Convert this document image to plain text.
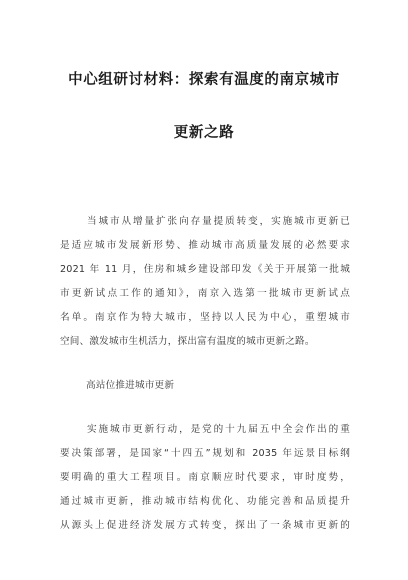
中心组研讨材料：探索有温度的南京城市
更新之路
当城市从增量扩张向存量提质转变，实施城市更新已
是适应城市发展新形势、推动城市高质量发展的必然要求
2021 年 11 月，住房和城乡建设部印发《关于开展第一批城
市更新试点工作的通知》，南京入选第一批城市更新试点
名单。南京作为特大城市，坚持以人民为中心，重塑城市
空间、激发城市生机活力，探出富有温度的城市更新之路。
高站位推进城市更新
实施城市更新行动，是党的十九届五中全会作出的重
要决策部署，是国家“十四五”规划和 2035 年远景目标纲
要明确的重大工程项目。南京顺应时代要求，审时度势，
通过城市更新，推动城市结构优化、功能完善和品质提升
从源头上促进经济发展方式转变，探出了一条城市更新的
